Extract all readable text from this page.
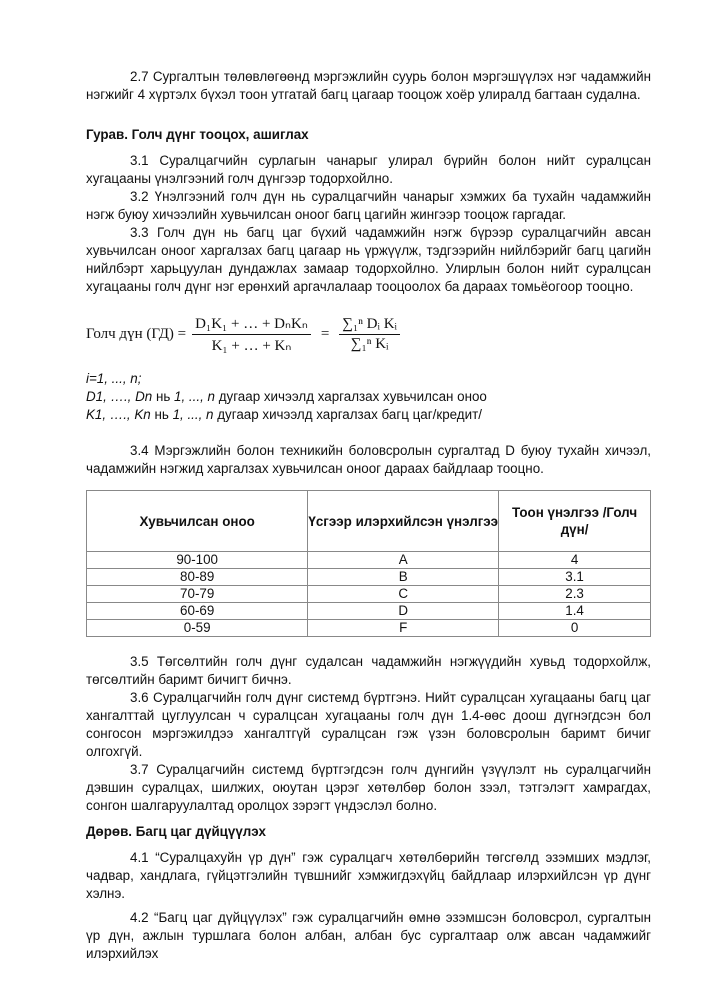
2.7 Сургалтын төлөвлөгөөнд мэргэжлийн суурь болон мэргэшүүлэх нэг чадамжийн нэгжийг 4 хүртэлх бүхэл тоон утгатай багц цагаар тооцож хоёр улиралд багтаан судална.

Гурав. Голч дүнг тооцох, ашиглах

3.1 Суралцагчийн сурлагын чанарыг улирал бүрийн болон нийт суралцсан хугацааны үнэлгээний голч дүнгээр тодорхойлно.

3.2 Үнэлгээний голч дүн нь суралцагчийн чанарыг хэмжих ба тухайн чадамжийн нэгж буюу хичээлийн хувьчилсан оноог багц цагийн жингээр тооцож гаргадаг.

3.3 Голч дүн нь багц цаг бүхий чадамжийн нэгж бүрээр суралцагчийн авсан хувьчилсан оноог харгалзах багц цагаар нь үржүүлж, тэдгээрийн нийлбэрийг багц цагийн нийлбэрт харьцуулан дундажлах замаар тодорхойлно. Улирлын болон нийт суралцсан хугацааны голч дүнг нэг ерөнхий аргачлалаар тооцоолох ба дараах томьёогоор тооцно.

Голч дүн $(ГД) = \frac{\text{D₁K₁ + … + DₙKₙ}}{\text{K₁ + … + Kₙ}} = \frac{\text{∑₁ⁿ Dᵢ Kᵢ}}{\text{∑₁ⁿ Kᵢ}}$

i=1, ..., n;

D1, …., Dn нь 1, ..., n дугаар хичээлд харгалзах хувьчилсан оноо

K1, …., Kn нь 1, ..., n дугаар хичээлд харгалзах багц цаг/кредит/

3.4 Мэргэжлийн болон техникийн боловсролын сургалтад D буюу тухайн хичээл, чадамжийн нэгжид харгалзах хувьчилсан оноог дараах байдлаар тооцно.

Хувьчилсан оноо	Үсгээр илэрхийлсэн үнэлгээ	Тоон үнэлгээ /Голч дүн/
90-100	A	4
80-89	B	3.1
70-79	C	2.3
60-69	D	1.4
0-59	F	0

3.5 Төгсөлтийн голч дүнг судалсан чадамжийн нэгжүүдийн хувьд тодорхойлж, төгсөлтийн баримт бичигт бичнэ.

3.6 Суралцагчийн голч дүнг системд бүртгэнэ. Нийт суралцсан хугацааны багц цаг хангалттай цуглуулсан ч суралцсан хугацааны голч дүн 1.4-өөс доош дүгнэгдсэн бол сонгосон мэргэжилдээ хангалтгүй суралцсан гэж үзэн боловсролын баримт бичиг олгохгүй.

3.7 Суралцагчийн системд бүртгэгдсэн голч дүнгийн үзүүлэлт нь суралцагчийн дэвшин суралцах, шилжих, оюутан цэрэг хөтөлбөр болон зээл, тэтгэлэгт хамрагдах, сонгон шалгаруулалтад оролцох зэрэгт үндэслэл болно.

Дөрөв. Багц цаг дүйцүүлэх

4.1 “Суралцахуйн үр дүн” гэж суралцагч хөтөлбөрийн төгсгөлд эзэмших мэдлэг, чадвар, хандлага, гүйцэтгэлийн түвшнийг хэмжигдэхүйц байдлаар илэрхийлсэн үр дүнг хэлнэ.

4.2 “Багц цаг дүйцүүлэх” гэж суралцагчийн өмнө эзэмшсэн боловсрол, сургалтын үр дүн, ажлын туршлага болон албан, албан бус сургалтаар олж авсан чадамжийг илэрхийлэх
